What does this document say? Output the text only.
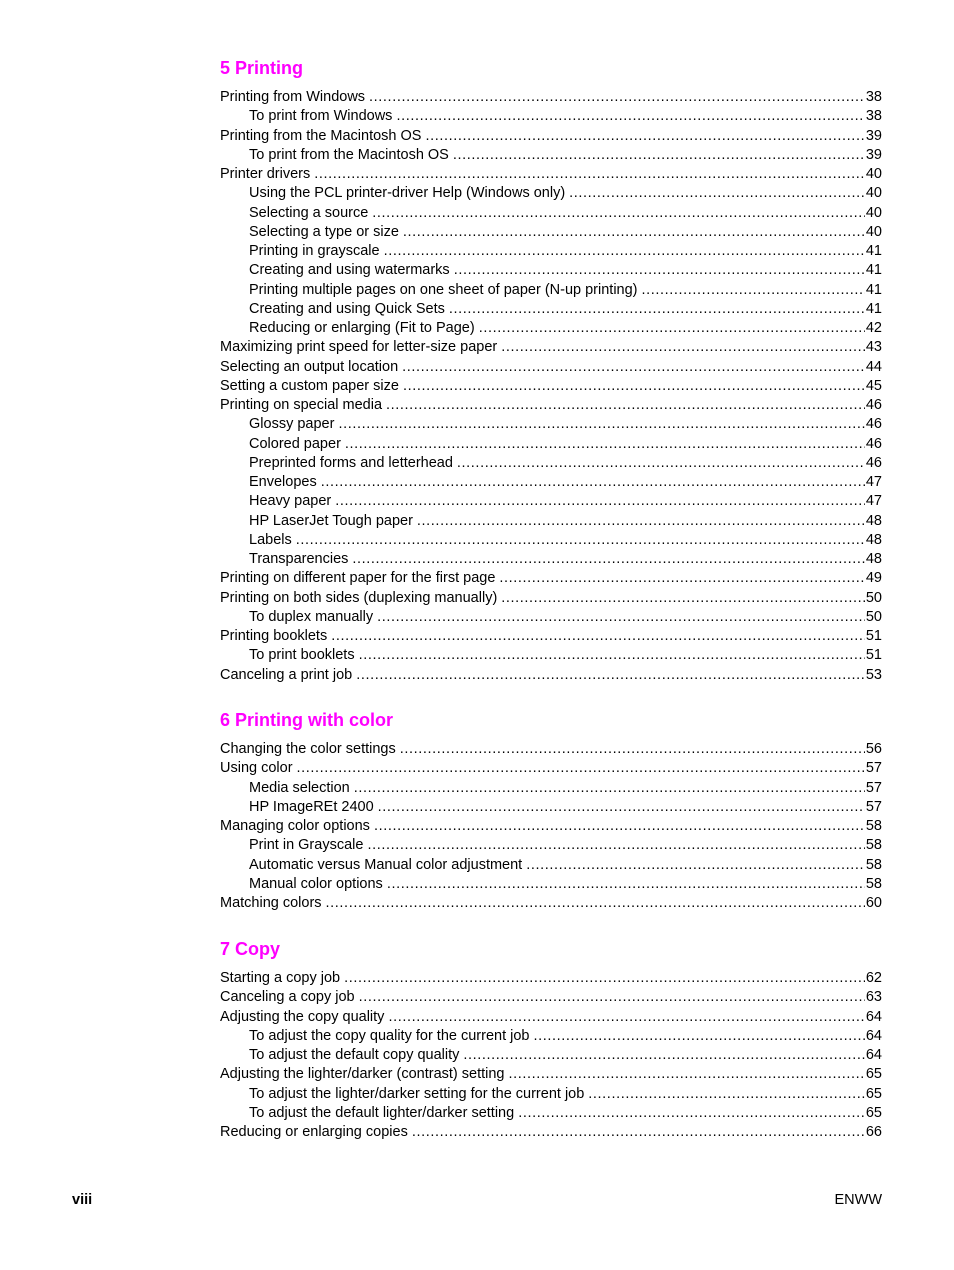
5 Printing
Printing from Windows .....	38
To print from Windows .....	38
Printing from the Macintosh OS .....	39
To print from the Macintosh OS .....	39
Printer drivers .....	40
Using the PCL printer-driver Help (Windows only) .....	40
Selecting a source .....	40
Selecting a type or size .....	40
Printing in grayscale .....	41
Creating and using watermarks .....	41
Printing multiple pages on one sheet of paper (N-up printing) .....	41
Creating and using Quick Sets .....	41
Reducing or enlarging (Fit to Page) .....	42
Maximizing print speed for letter-size paper .....	43
Selecting an output location .....	44
Setting a custom paper size .....	45
Printing on special media .....	46
Glossy paper .....	46
Colored paper .....	46
Preprinted forms and letterhead .....	46
Envelopes .....	47
Heavy paper .....	47
HP LaserJet Tough paper .....	48
Labels .....	48
Transparencies .....	48
Printing on different paper for the first page .....	49
Printing on both sides (duplexing manually) .....	50
To duplex manually .....	50
Printing booklets .....	51
To print booklets .....	51
Canceling a print job .....	53
6 Printing with color
Changing the color settings .....	56
Using color .....	57
Media selection .....	57
HP ImageREt 2400 .....	57
Managing color options .....	58
Print in Grayscale .....	58
Automatic versus Manual color adjustment .....	58
Manual color options .....	58
Matching colors .....	60
7 Copy
Starting a copy job .....	62
Canceling a copy job .....	63
Adjusting the copy quality .....	64
To adjust the copy quality for the current job .....	64
To adjust the default copy quality .....	64
Adjusting the lighter/darker (contrast) setting .....	65
To adjust the lighter/darker setting for the current job .....	65
To adjust the default lighter/darker setting .....	65
Reducing or enlarging copies .....	66
viii	ENWW
